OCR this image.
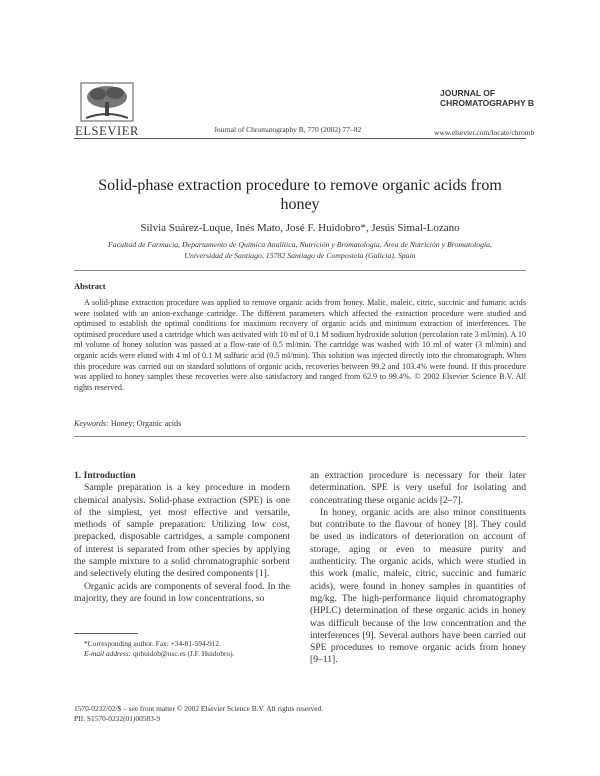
ELSEVIER	Journal of Chromatography B, 770 (2002) 77–82
JOURNAL OF
CHROMATOGRAPHY B
www.elsevier.com/locate/chromb
Solid-phase extraction procedure to remove organic acids from honey
Silvia Suárez-Luque, Inés Mato, José F. Huidobro*, Jesús Simal-Lozano
Facultad de Farmacia, Departamento de Química Analítica, Nutrición y Bromatología, Área de Nutrición y Bromatología,
Universidad de Santiago, 15782 Santiago de Compostela (Galicia), Spain
Abstract
A solid-phase extraction procedure was applied to remove organic acids from honey. Malic, maleic, citric, succinic and fumaric acids were isolated with an anion-exchange cartridge. The different parameters which affected the extraction procedure were studied and optimised to establish the optimal conditions for maximum recovery of organic acids and minimum extraction of interferences. The optimised procedure used a cartridge which was activated with 10 ml of 0.1 M sodium hydroxide solution (percolation rate 3 ml/min). A 10 ml volume of honey solution was passed at a flow-rate of 0.5 ml/min. The cartridge was washed with 10 ml of water (3 ml/min) and organic acids were eluted with 4 ml of 0.1 M sulfuric acid (0.5 ml/min). This solution was injected directly into the chromatograph. When this procedure was carried out on standard solutions of organic acids, recoveries between 99.2 and 103.4% were found. If this procedure was applied to honey samples these recoveries were also satisfactory and ranged from 62.9 to 99.4%. © 2002 Elsevier Science B.V. All rights reserved.
Keywords: Honey; Organic acids

1. Introduction

Sample preparation is a key procedure in modern chemical analysis. Solid-phase extraction (SPE) is one of the simplest, yet most effective and versatile, methods of sample preparation. Utilizing low cost, prepacked, disposable cartridges, a sample component of interest is separated from other species by applying the sample mixture to a solid chromatographic sorbent and selectively eluting the desired components [1].

Organic acids are components of several food. In the majority, they are found in low concentrations, so

an extraction procedure is necessary for their later determination. SPE is very useful for isolating and concentrating these organic acids [2–7].

In honey, organic acids are also minor constituents but contribute to the flavour of honey [8]. They could be used as indicators of deterioration on account of storage, aging or even to measure purity and authenticity. The organic acids, which were studied in this work (malic, maleic, citric, succinic and fumaric acids), were found in honey samples in quantities of mg/kg. The high-performance liquid chromatography (HPLC) determination of these organic acids in honey was difficult because of the low concentration and the interferences [9]. Several authors have been carried out SPE procedures to remove organic acids from honey [9–11].

*Corresponding author. Fax: +34-81-594-912.
E-mail address: qnhuidob@usc.es (J.F. Huidobro).
1570-0232/02/$ – see front matter © 2002 Elsevier Science B.V. All rights reserved.
PII: S1570-0232(01)00583-9
